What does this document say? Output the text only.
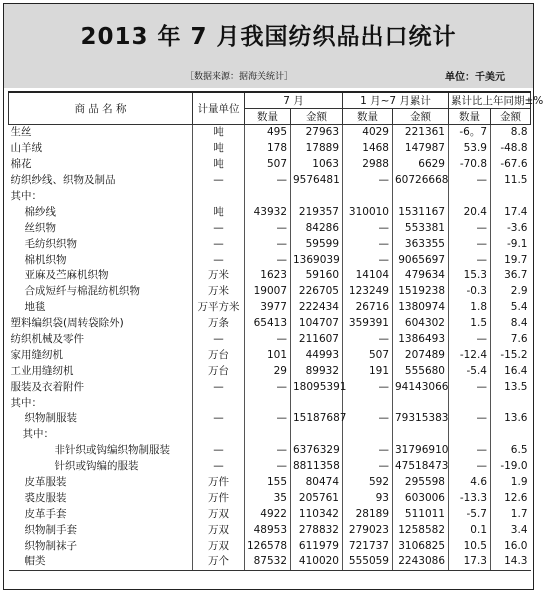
2013 年 7 月我国纺织品出口统计
［数据来源：据海关统计］	单位：千美元
商 品 名 称	计量单位	7 月		1 月~7 月累计		累计比上年同期±%	
		数量	金额	数量	金额	数量	金额
生丝	吨	495	27963	4029	221361	-6。7	8.8
山羊绒	吨	178	17889	1468	147987	53.9	-48.8
棉花	吨	507	1063	2988	6629	-70.8	-67.6
纺织纱线、织物及制品	—	—	9576481	—	60726668	—	11.5
其中：							
棉纱线	吨	43932	219357	310010	1531167	20.4	17.4
丝织物	—	—	84286	—	553381	—	-3.6
毛纺织织物	—	—	59599	—	363355	—	-9.1
棉机织物	—	—	1369039	—	9065697	—	19.7
亚麻及苎麻机织物	万米	1623	59160	14104	479634	15.3	36.7
合成短纤与棉混纺机织物	万米	19007	226705	123249	1519238	-0.3	2.9
地毯	万平方米	3977	222434	26716	1380974	1.8	5.4
塑料编织袋(周转袋除外)	万条	65413	104707	359391	604302	1.5	8.4
纺织机械及零件	—	—	211607	—	1386493	—	7.6
家用缝纫机	万台	101	44993	507	207489	-12.4	-15.2
工业用缝纫机	万台	29	89932	191	555680	-5.4	16.4
服装及衣着附件	—	—	18095391	—	94143066	—	13.5
其中：							
织物制服装	—	—	15187687	—	79315383	—	13.6
其中：							
非针织或钩编织物制服装	—	—	6376329	—	31796910	—	6.5
针织或钩编的服装	—	—	8811358	—	47518473	—	-19.0
皮革服装	万件	155	80474	592	295598	4.6	1.9
裘皮服装	万件	35	205761	93	603006	-13.3	12.6
皮革手套	万双	4922	110342	28189	511011	-5.7	1.7
织物制手套	万双	48953	278832	279023	1258582	0.1	3.4
织物制袜子	万双	126578	611979	721737	3106825	10.5	16.0
帽类	万个	87532	410020	555059	2243086	17.3	14.3
